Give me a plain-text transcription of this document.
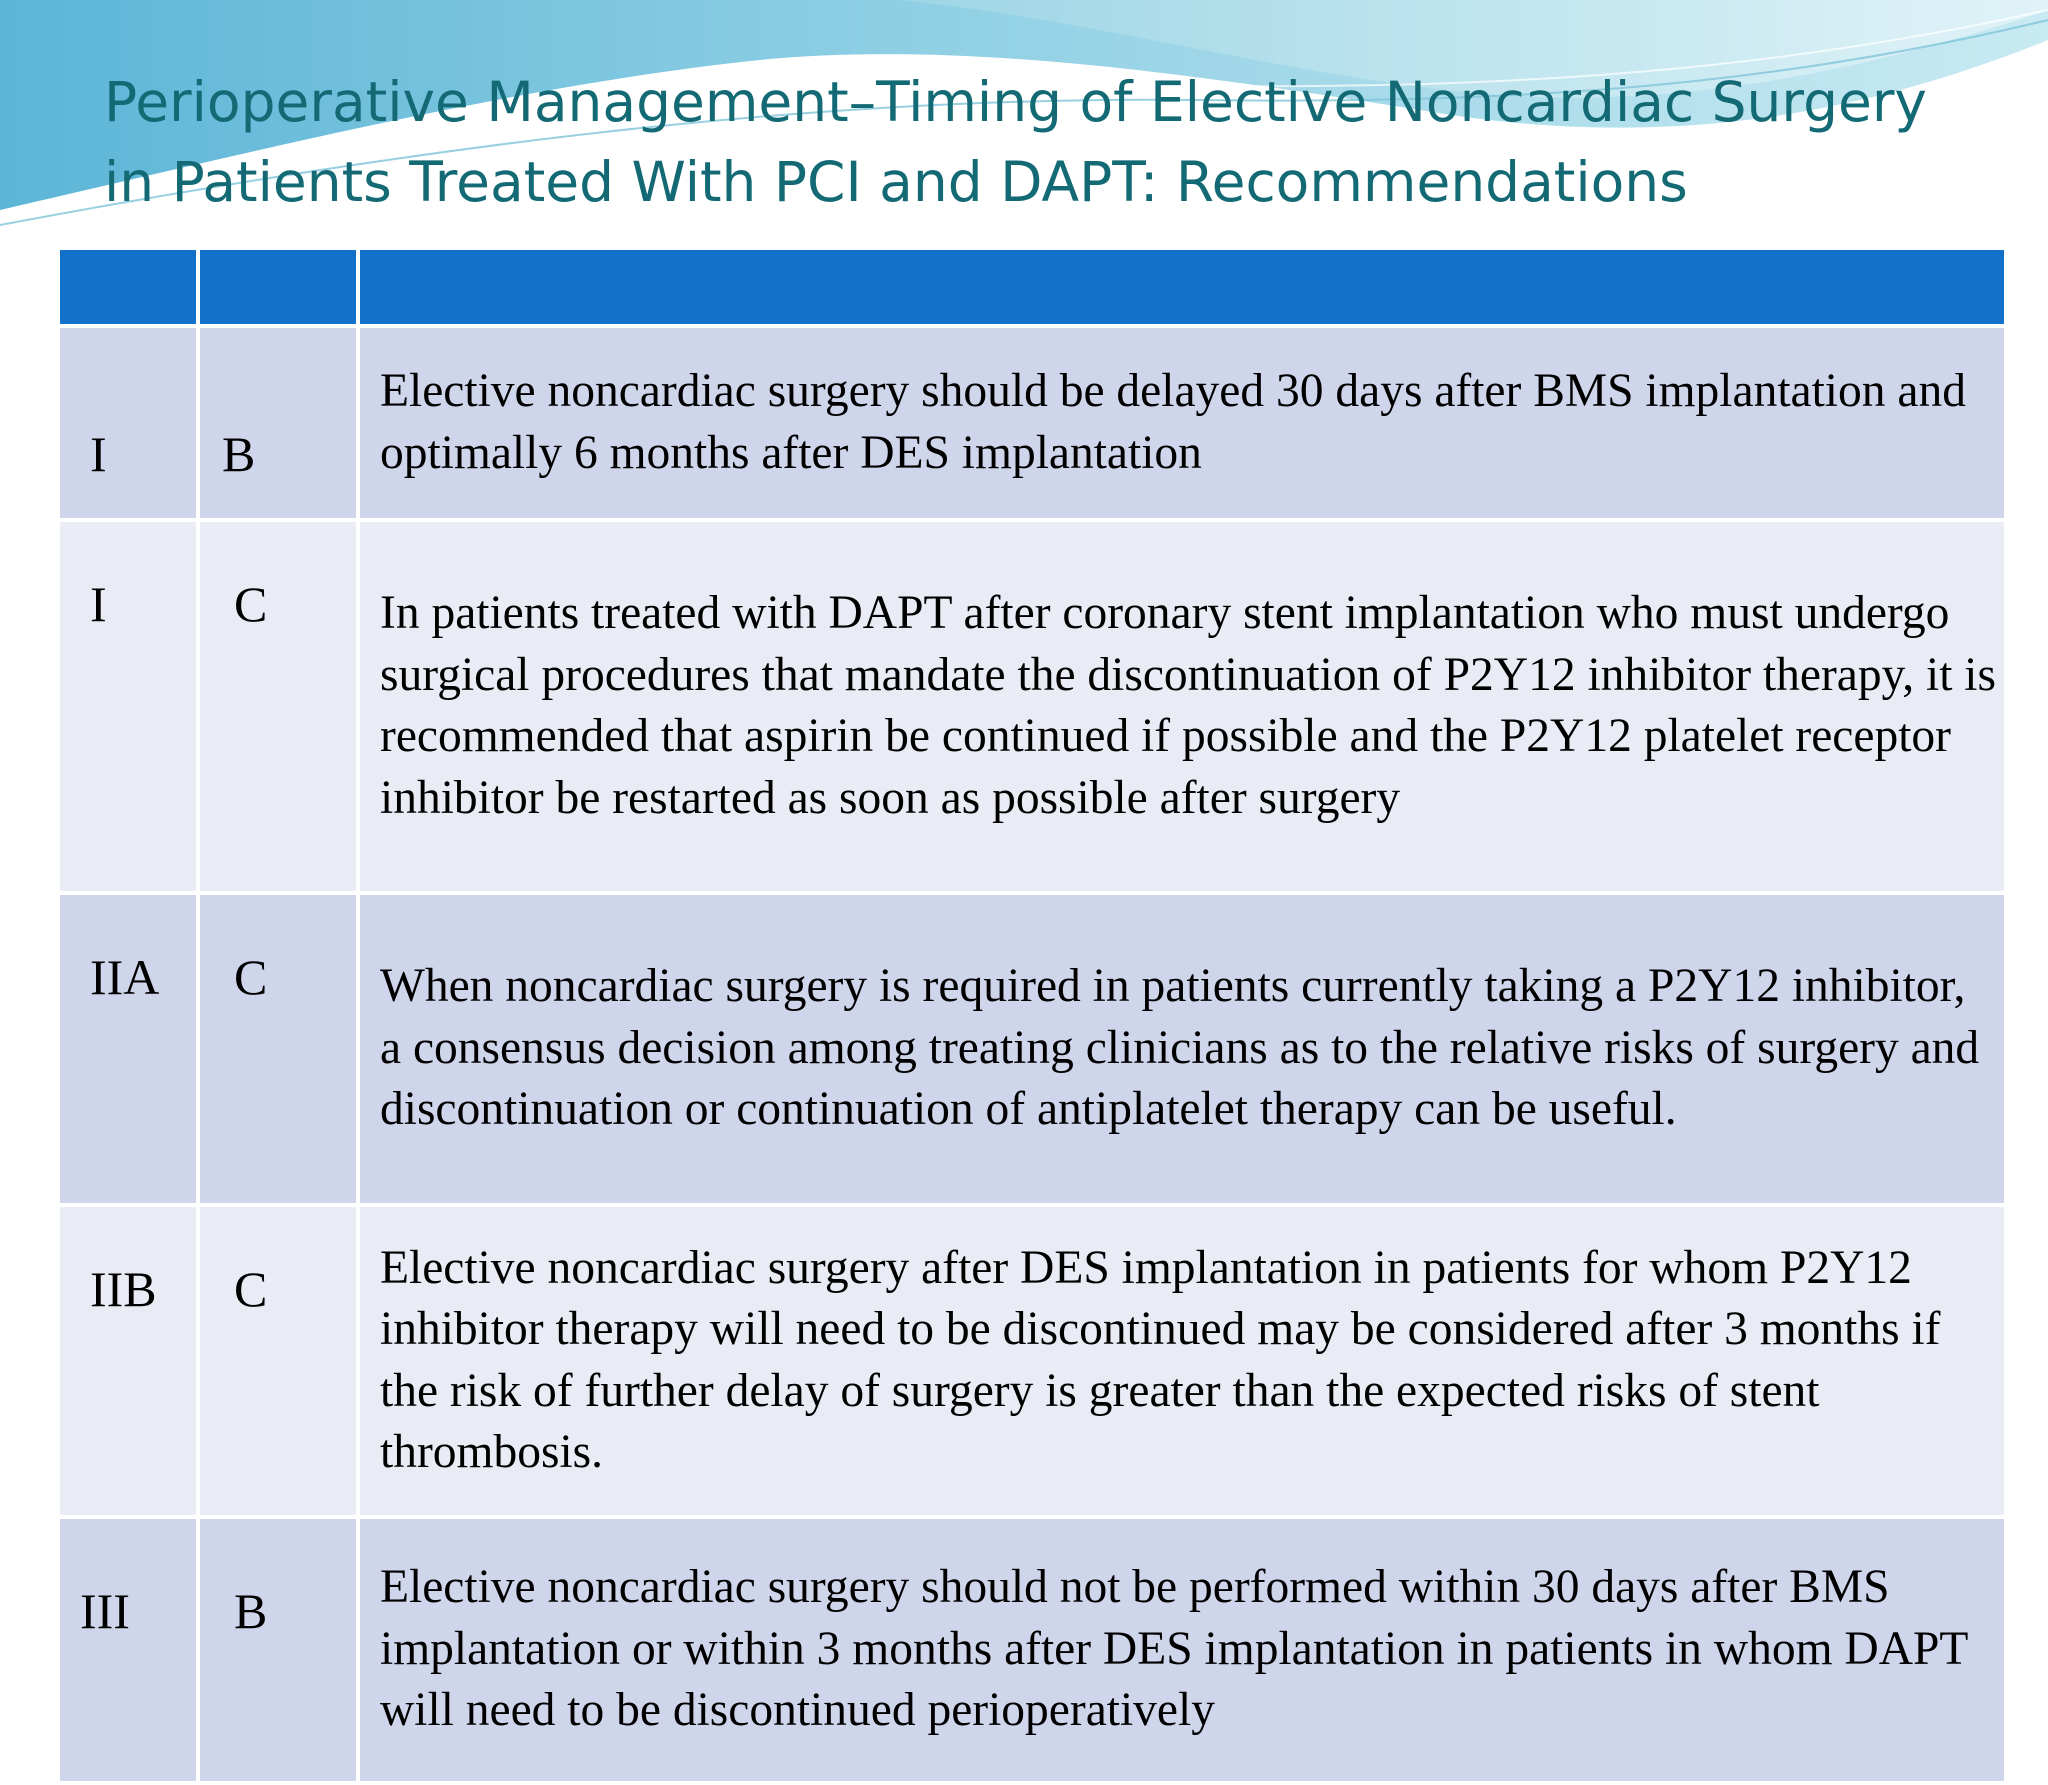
Perioperative Management–Timing of Elective Noncardiac Surgery
in Patients Treated With PCI and DAPT: Recommendations

I	B	Elective noncardiac surgery should be delayed 30 days after BMS implantation and optimally 6 months after DES implantation
I	C	In patients treated with DAPT after coronary stent implantation who must undergo surgical procedures that mandate the discontinuation of P2Y12 inhibitor therapy, it is recommended that aspirin be continued if possible and the P2Y12 platelet receptor inhibitor be restarted as soon as possible after surgery
IIA	C	When noncardiac surgery is required in patients currently taking a P2Y12 inhibitor, a consensus decision among treating clinicians as to the relative risks of surgery and discontinuation or continuation of antiplatelet therapy can be useful.
IIB	C	Elective noncardiac surgery after DES implantation in patients for whom P2Y12 inhibitor therapy will need to be discontinued may be considered after 3 months if the risk of further delay of surgery is greater than the expected risks of stent thrombosis.
III	B	Elective noncardiac surgery should not be performed within 30 days after BMS implantation or within 3 months after DES implantation in patients in whom DAPT will need to be discontinued perioperatively
